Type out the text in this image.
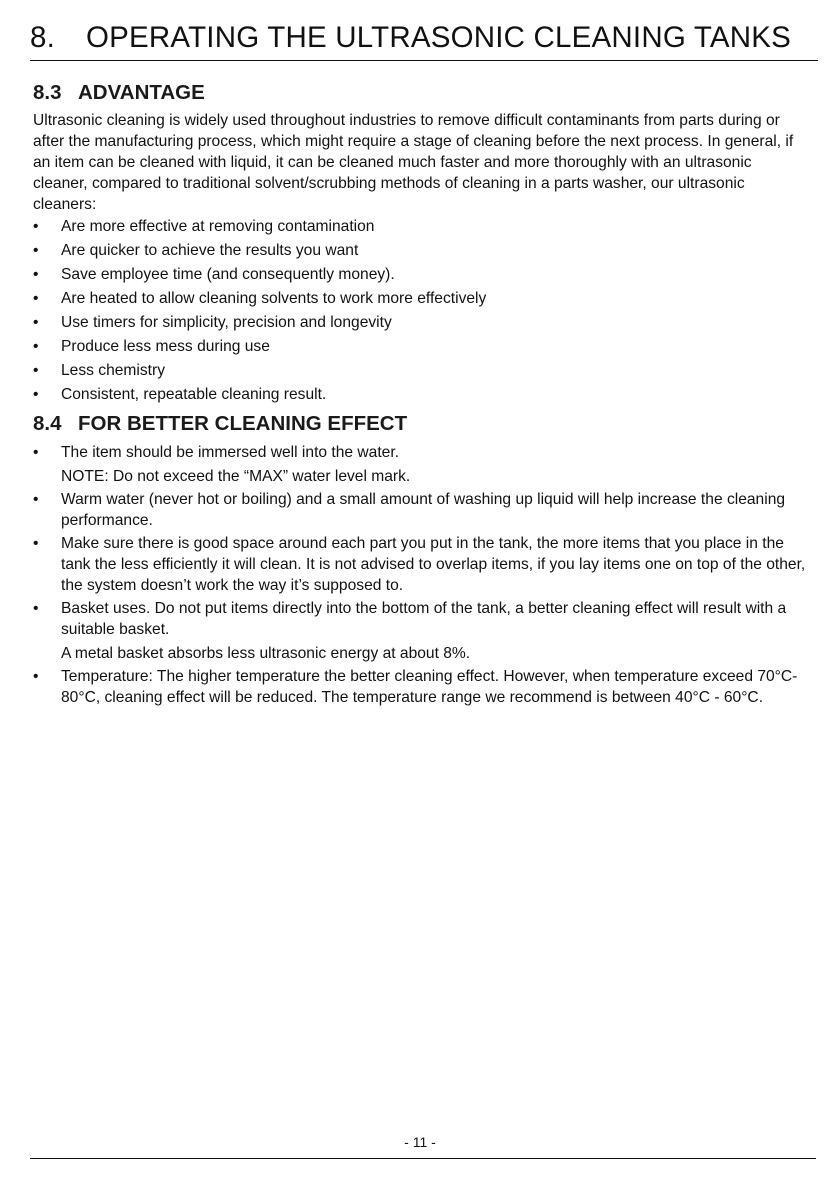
8. OPERATING THE ULTRASONIC CLEANING TANKS
8.3 ADVANTAGE

Ultrasonic cleaning is widely used throughout industries to remove difficult contaminants from parts during or after the manufacturing process, which might require a stage of cleaning before the next process. In general, if an item can be cleaned with liquid, it can be cleaned much faster and more thoroughly with an ultrasonic cleaner, compared to traditional solvent/scrubbing methods of cleaning in a parts washer, our ultrasonic cleaners:

•	Are more effective at removing contamination
•	Are quicker to achieve the results you want
•	Save employee time (and consequently money).
•	Are heated to allow cleaning solvents to work more effectively
•	Use timers for simplicity, precision and longevity
•	Produce less mess during use
•	Less chemistry
•	Consistent, repeatable cleaning result.
8.4 FOR BETTER CLEANING EFFECT
•	The item should be immersed well into the water.
NOTE: Do not exceed the “MAX” water level mark.
•	Warm water (never hot or boiling) and a small amount of washing up liquid will help increase the cleaning performance.
•	Make sure there is good space around each part you put in the tank, the more items that you place in the tank the less efficiently it will clean. It is not advised to overlap items, if you lay items one on top of the other, the system doesn’t work the way it’s supposed to.
•	Basket uses. Do not put items directly into the bottom of the tank, a better cleaning effect will result with a suitable basket.
A metal basket absorbs less ultrasonic energy at about 8%.
•	Temperature: The higher temperature the better cleaning effect. However, when temperature exceed 70°C-80°C, cleaning effect will be reduced. The temperature range we recommend is between 40°C - 60°C.
- 11 -
